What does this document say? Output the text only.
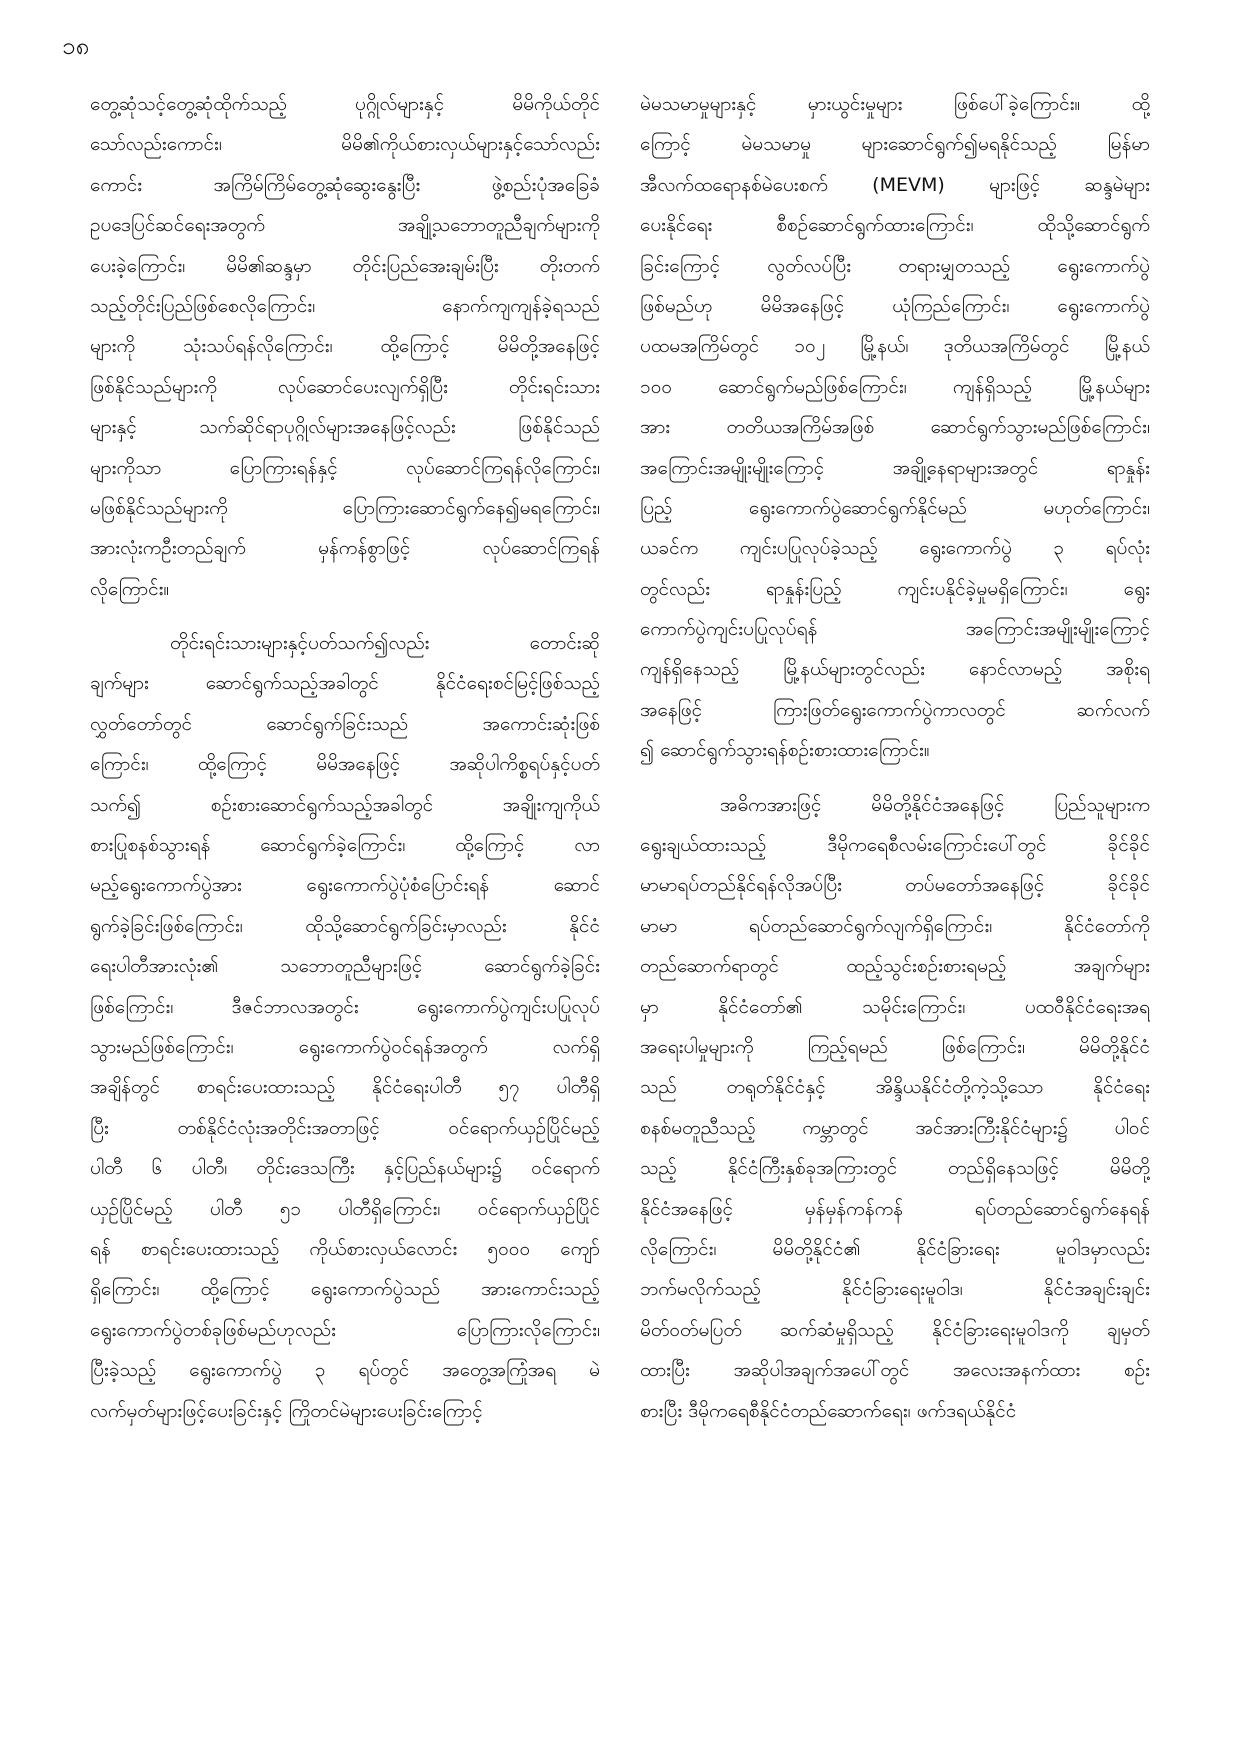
၁၈
တွေ့ဆုံသင့်တွေ့ဆုံထိုက်သည့် ပုဂ္ဂိုလ်များနှင့် မိမိကိုယ်တိုင်
သော်လည်းကောင်း၊ မိမိ၏ကိုယ်စားလှယ်များနှင့်သော်လည်း
ကောင်း အကြိမ်ကြိမ်တွေ့ဆုံဆွေးနွေးပြီး ဖွဲ့စည်းပုံအခြေခံ
ဥပဒေပြင်ဆင်ရေးအတွက် အချို့သဘောတူညီချက်များကို
ပေးခဲ့ကြောင်း၊ မိမိ၏ဆန္ဒမှာ တိုင်းပြည်အေးချမ်းပြီး တိုးတက်
သည့်တိုင်းပြည်ဖြစ်စေလိုကြောင်း၊ နောက်ကျကျန်ခဲ့ရသည်
များကို သုံးသပ်ရန်လိုကြောင်း၊ ထို့ကြောင့် မိမိတို့အနေဖြင့်
ဖြစ်နိုင်သည်များကို လုပ်ဆောင်ပေးလျက်ရှိပြီး တိုင်းရင်းသား
များနှင့် သက်ဆိုင်ရာပုဂ္ဂိုလ်များအနေဖြင့်လည်း ဖြစ်နိုင်သည်
များကိုသာ ပြောကြားရန်နှင့် လုပ်ဆောင်ကြရန်လိုကြောင်း၊
မဖြစ်နိုင်သည်များကို ပြောကြားဆောင်ရွက်နေ၍မရကြောင်း၊
အားလုံးကဦးတည်ချက် မှန်ကန်စွာဖြင့် လုပ်ဆောင်ကြရန်
လိုကြောင်း။
တိုင်းရင်းသားများနှင့်ပတ်သက်၍လည်း တောင်းဆို
ချက်များ ဆောင်ရွက်သည့်အခါတွင် နိုင်ငံရေးစင်မြင့်ဖြစ်သည့်
လွှတ်တော်တွင် ဆောင်ရွက်ခြင်းသည် အကောင်းဆုံးဖြစ်
ကြောင်း၊ ထို့ကြောင့် မိမိအနေဖြင့် အဆိုပါကိစ္စရပ်နှင့်ပတ်
သက်၍ စဉ်းစားဆောင်ရွက်သည့်အခါတွင် အချိုးကျကိုယ်
စားပြုစနစ်သွားရန် ဆောင်ရွက်ခဲ့ကြောင်း၊ ထို့ကြောင့် လာ
မည့်ရွေးကောက်ပွဲအား ရွေးကောက်ပွဲပုံစံပြောင်းရန် ဆောင်
ရွက်ခဲ့ခြင်းဖြစ်ကြောင်း၊ ထိုသို့ဆောင်ရွက်ခြင်းမှာလည်း နိုင်ငံ
ရေးပါတီအားလုံး၏ သဘောတူညီများဖြင့် ဆောင်ရွက်ခဲ့ခြင်း
ဖြစ်ကြောင်း၊ ဒီဇင်ဘာလအတွင်း ရွေးကောက်ပွဲကျင်းပပြုလုပ်
သွားမည်ဖြစ်ကြောင်း၊ ရွေးကောက်ပွဲဝင်ရန်အတွက် လက်ရှိ
အချိန်တွင် စာရင်းပေးထားသည့် နိုင်ငံရေးပါတီ ၅၇ ပါတီရှိ
ပြီး တစ်နိုင်ငံလုံးအတိုင်းအတာဖြင့် ဝင်ရောက်ယှဉ်ပြိုင်မည့်
ပါတီ ၆ ပါတီ၊ တိုင်းဒေသကြီး နှင့်ပြည်နယ်များ၌ ဝင်ရောက်
ယှဉ်ပြိုင်မည့် ပါတီ ၅၁ ပါတီရှိကြောင်း၊ ဝင်ရောက်ယှဉ်ပြိုင်
ရန် စာရင်းပေးထားသည့် ကိုယ်စားလှယ်လောင်း ၅၀၀၀ ကျော်
ရှိကြောင်း၊ ထို့ကြောင့် ရွေးကောက်ပွဲသည် အားကောင်းသည့်
ရွေးကောက်ပွဲတစ်ခုဖြစ်မည်ဟုလည်း ပြောကြားလိုကြောင်း၊
ပြီးခဲ့သည့် ရွေးကောက်ပွဲ ၃ ရပ်တွင် အတွေ့အကြုံအရ မဲ
လက်မှတ်များဖြင့်ပေးခြင်းနှင့် ကြိုတင်မဲများပေးခြင်းကြောင့်
မဲမသမာမှုများနှင့် မှားယွင်းမှုများ ဖြစ်ပေါ်ခဲ့ကြောင်း။ ထို့
ကြောင့် မဲမသမာမှု များဆောင်ရွက်၍မရနိုင်သည့် မြန်မာ
အီလက်ထရောနစ်မဲပေးစက် (MEVM) များဖြင့် ဆန္ဒမဲများ
ပေးနိုင်ရေး စီစဉ်ဆောင်ရွက်ထားကြောင်း၊ ထိုသို့ဆောင်ရွက်
ခြင်းကြောင့် လွတ်လပ်ပြီး တရားမျှတသည့် ရွေးကောက်ပွဲ
ဖြစ်မည်ဟု မိမိအနေဖြင့် ယုံကြည်ကြောင်း၊ ရွေးကောက်ပွဲ
ပထမအကြိမ်တွင် ၁၀၂ မြို့နယ်၊ ဒုတိယအကြိမ်တွင် မြို့နယ်
၁၀၀ ဆောင်ရွက်မည်ဖြစ်ကြောင်း၊ ကျန်ရှိသည့် မြို့နယ်များ
အား တတိယအကြိမ်အဖြစ် ဆောင်ရွက်သွားမည်ဖြစ်ကြောင်း၊
အကြောင်းအမျိုးမျိုးကြောင့် အချို့နေရာများအတွင် ရာနှုန်း
ပြည့် ရွေးကောက်ပွဲဆောင်ရွက်နိုင်မည် မဟုတ်ကြောင်း၊
ယခင်က ကျင်းပပြုလုပ်ခဲ့သည့် ရွေးကောက်ပွဲ ၃ ရပ်လုံး
တွင်လည်း ရာနှုန်းပြည့် ကျင်းပနိုင်ခဲ့မှုမရှိကြောင်း၊ ရွေး
ကောက်ပွဲကျင်းပပြုလုပ်ရန် အကြောင်းအမျိုးမျိုးကြောင့်
ကျန်ရှိနေသည့် မြို့နယ်များတွင်လည်း နောင်လာမည့် အစိုးရ
အနေဖြင့် ကြားဖြတ်ရွေးကောက်ပွဲကာလတွင် ဆက်လက်
၍ ဆောင်ရွက်သွားရန်စဉ်းစားထားကြောင်း။
အဓိကအားဖြင့် မိမိတို့နိုင်ငံအနေဖြင့် ပြည်သူများက
ရွေးချယ်ထားသည့် ဒီမိုကရေစီလမ်းကြောင်းပေါ်တွင် ခိုင်ခိုင်
မာမာရပ်တည်နိုင်ရန်လိုအပ်ပြီး တပ်မတော်အနေဖြင့် ခိုင်ခိုင်
မာမာ ရပ်တည်ဆောင်ရွက်လျက်ရှိကြောင်း၊ နိုင်ငံတော်ကို
တည်ဆောက်ရာတွင် ထည့်သွင်းစဉ်းစားရမည့် အချက်များ
မှာ နိုင်ငံတော်၏ သမိုင်းကြောင်း၊ ပထဝီနိုင်ငံရေးအရ
အရေးပါမှုများကို ကြည့်ရမည် ဖြစ်ကြောင်း၊ မိမိတို့နိုင်ငံ
သည် တရုတ်နိုင်ငံနှင့် အိန္ဒိယနိုင်ငံတို့ကဲ့သို့သော နိုင်ငံရေး
စနစ်မတူညီသည့် ကမ္ဘာတွင် အင်အားကြီးနိုင်ငံများ၌ ပါဝင်
သည့် နိုင်ငံကြီးနှစ်ခုအကြားတွင် တည်ရှိနေသဖြင့် မိမိတို့
နိုင်ငံအနေဖြင့် မှန်မှန်ကန်ကန် ရပ်တည်ဆောင်ရွက်နေရန်
လိုကြောင်း၊ မိမိတို့နိုင်ငံ၏ နိုင်ငံခြားရေး မူဝါဒမှာလည်း
ဘက်မလိုက်သည့် နိုင်ငံခြားရေးမူဝါဒ၊ နိုင်ငံအချင်းချင်း
မိတ်ဝတ်မပြတ် ဆက်ဆံမှုရှိသည့် နိုင်ငံခြားရေးမူဝါဒကို ချမှတ်
ထားပြီး အဆိုပါအချက်အပေါ်တွင် အလေးအနက်ထား စဉ်း
စားပြီး ဒီမိုကရေစီနိုင်ငံတည်ဆောက်ရေး၊ ဖက်ဒရယ်နိုင်ငံ
